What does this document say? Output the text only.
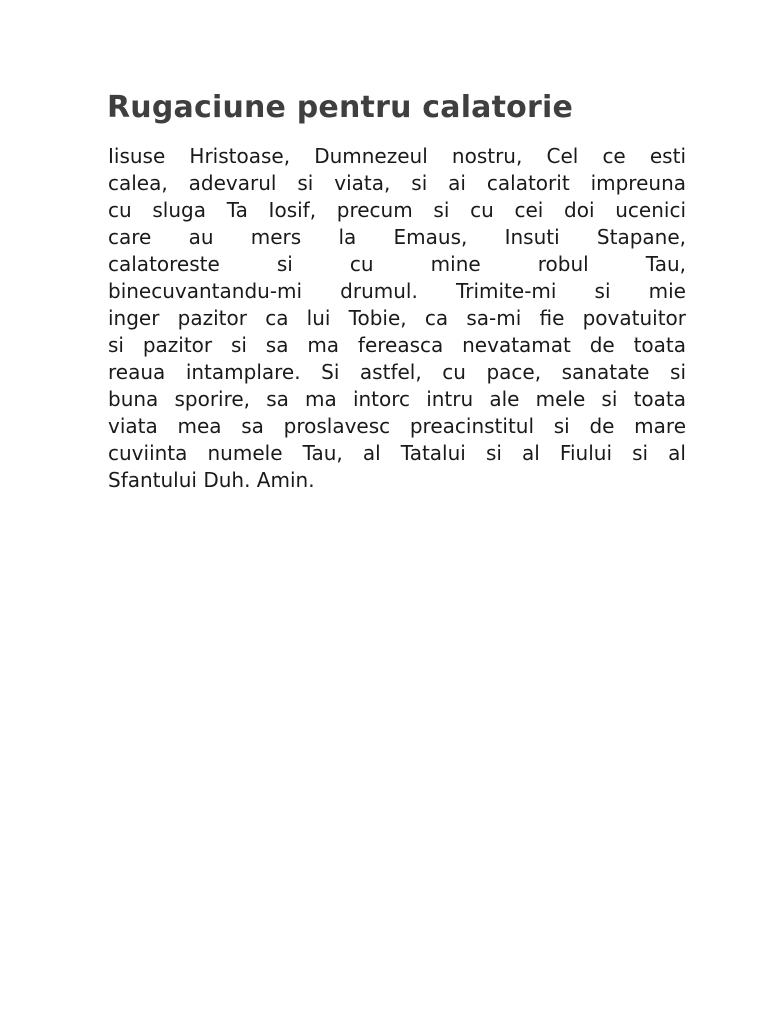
Rugaciune pentru calatorie
Iisuse Hristoase, Dumnezeul nostru, Cel ce esti
calea, adevarul si viata, si ai calatorit impreuna
cu sluga Ta Iosif, precum si cu cei doi ucenici
care au mers la Emaus, Insuti Stapane,
calatoreste si cu mine robul Tau,
binecuvantandu-mi drumul. Trimite-mi si mie
inger pazitor ca lui Tobie, ca sa-mi fie povatuitor
si pazitor si sa ma fereasca nevatamat de toata
reaua intamplare. Si astfel, cu pace, sanatate si
buna sporire, sa ma intorc intru ale mele si toata
viata mea sa proslavesc preacinstitul si de mare
cuviinta numele Tau, al Tatalui si al Fiului si al
Sfantului Duh. Amin.
